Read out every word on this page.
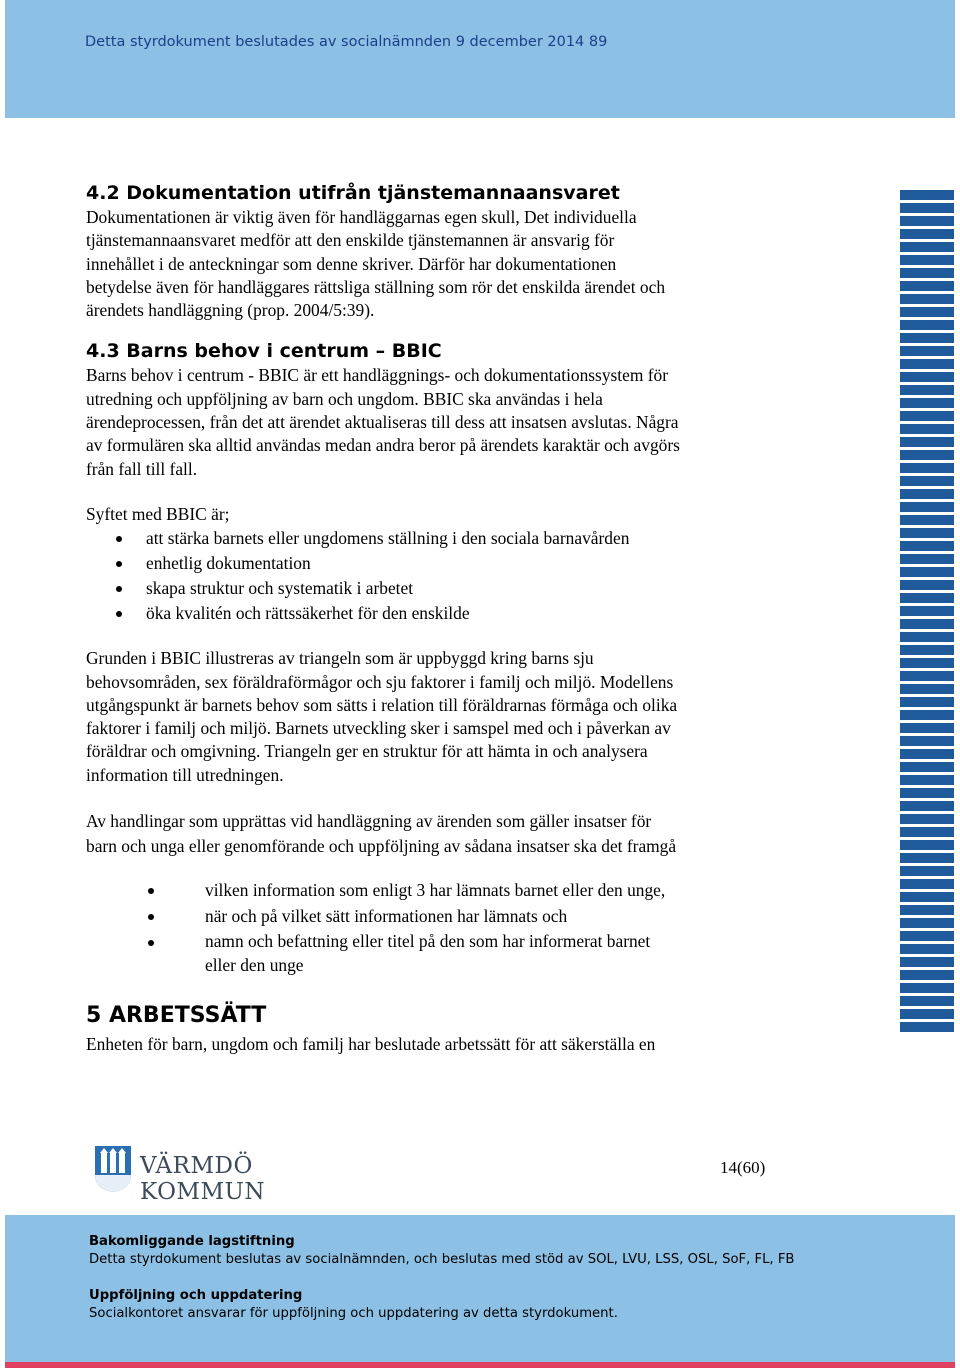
Detta styrdokument beslutades av socialnämnden 9 december 2014 89
4.2 Dokumentation utifrån tjänstemannaansvaret

Dokumentationen är viktig även för handläggarnas egen skull, Det individuella

tjänstemannaansvaret medför att den enskilde tjänstemannen är ansvarig för

innehållet i de anteckningar som denne skriver. Därför har dokumentationen

betydelse även för handläggares rättsliga ställning som rör det enskilda ärendet och

ärendets handläggning (prop. 2004/5:39).

4.3 Barns behov i centrum – BBIC

Barns behov i centrum - BBIC är ett handläggnings- och dokumentationssystem för

utredning och uppföljning av barn och ungdom. BBIC ska användas i hela

ärendeprocessen, från det att ärendet aktualiseras till dess att insatsen avslutas. Några

av formulären ska alltid användas medan andra beror på ärendets karaktär och avgörs

från fall till fall.

Syftet med BBIC är;

att stärka barnets eller ungdomens ställning i den sociala barnavården
enhetlig dokumentation
skapa struktur och systematik i arbetet
öka kvalitén och rättssäkerhet för den enskilde

Grunden i BBIC illustreras av triangeln som är uppbyggd kring barns sju

behovsområden, sex föräldraförmågor och sju faktorer i familj och miljö. Modellens

utgångspunkt är barnets behov som sätts i relation till föräldrarnas förmåga och olika

faktorer i familj och miljö. Barnets utveckling sker i samspel med och i påverkan av

föräldrar och omgivning. Triangeln ger en struktur för att hämta in och analysera

information till utredningen.

Av handlingar som upprättas vid handläggning av ärenden som gäller insatser för

barn och unga eller genomförande och uppföljning av sådana insatser ska det framgå

vilken information som enligt 3 har lämnats barnet eller den unge,
när och på vilket sätt informationen har lämnats och
namn och befattning eller titel på den som har informerat barnet
eller den unge
5 ARBETSSÄTT

Enheten för barn, ungdom och familj har beslutade arbetssätt för att säkerställa en

VÄRMDÖ KOMMUN
14(60)
Bakomliggande lagstiftning
Detta styrdokument beslutas av socialnämnden, och beslutas med stöd av SOL, LVU, LSS, OSL, SoF, FL, FB
Uppföljning och uppdatering
Socialkontoret ansvarar för uppföljning och uppdatering av detta styrdokument.
